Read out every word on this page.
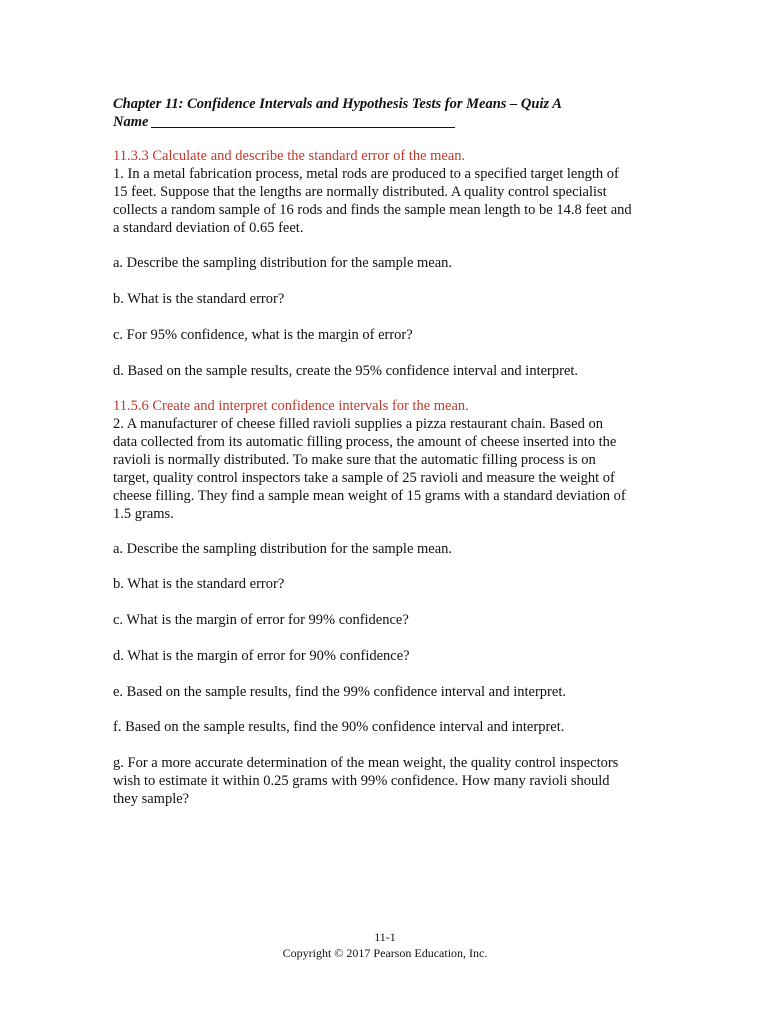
Chapter 11: Confidence Intervals and Hypothesis Tests for Means – Quiz A
Name
11.3.3 Calculate and describe the standard error of the mean.
1. In a metal fabrication process, metal rods are produced to a specified target length of
15 feet. Suppose that the lengths are normally distributed. A quality control specialist
collects a random sample of 16 rods and finds the sample mean length to be 14.8 feet and
a standard deviation of 0.65 feet.
a. Describe the sampling distribution for the sample mean.
b. What is the standard error?
c. For 95% confidence, what is the margin of error?
d. Based on the sample results, create the 95% confidence interval and interpret.
11.5.6 Create and interpret confidence intervals for the mean.
2. A manufacturer of cheese filled ravioli supplies a pizza restaurant chain. Based on
data collected from its automatic filling process, the amount of cheese inserted into the
ravioli is normally distributed. To make sure that the automatic filling process is on
target, quality control inspectors take a sample of 25 ravioli and measure the weight of
cheese filling. They find a sample mean weight of 15 grams with a standard deviation of
1.5 grams.
a. Describe the sampling distribution for the sample mean.
b. What is the standard error?
c. What is the margin of error for 99% confidence?
d. What is the margin of error for 90% confidence?
e. Based on the sample results, find the 99% confidence interval and interpret.
f. Based on the sample results, find the 90% confidence interval and interpret.
g. For a more accurate determination of the mean weight, the quality control inspectors
wish to estimate it within 0.25 grams with 99% confidence. How many ravioli should
they sample?
11-1
Copyright © 2017 Pearson Education, Inc.
